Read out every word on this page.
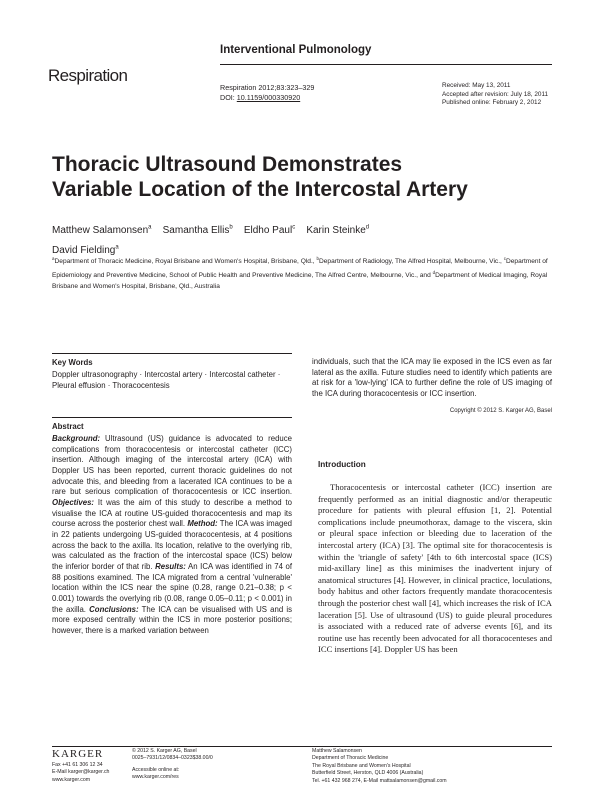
Interventional Pulmonology
Respiration
Respiration 2012;83:323–329
DOI: 10.1159/000330920
Received: May 13, 2011
Accepted after revision: July 18, 2011
Published online: February 2, 2012
Thoracic Ultrasound Demonstrates
Variable Location of the Intercostal Artery
Matthew Salamonsen$^a$ Samantha Ellis$^b$ Eldho Paul$^c$ Karin Steinke$^d$
David Fielding$^a$
$^a$Department of Thoracic Medicine, Royal Brisbane and Women's Hospital, Brisbane, Qld., $^b$Department of Radiology, The Alfred Hospital, Melbourne, Vic., $^c$Department of Epidemiology and Preventive Medicine, School of Public Health and Preventive Medicine, The Alfred Centre, Melbourne, Vic., and $^d$Department of Medical Imaging, Royal Brisbane and Women's Hospital, Brisbane, Qld., Australia
Key Words
Doppler ultrasonography · Intercostal artery · Intercostal catheter · Pleural effusion · Thoracocentesis
Abstract
Background: Ultrasound (US) guidance is advocated to reduce complications from thoracocentesis or intercostal catheter (ICC) insertion. Although imaging of the intercostal artery (ICA) with Doppler US has been reported, current thoracic guidelines do not advocate this, and bleeding from a lacerated ICA continues to be a rare but serious complication of thoracocentesis or ICC insertion. Objectives: It was the aim of this study to describe a method to visualise the ICA at routine US-guided thoracocentesis and map its course across the posterior chest wall. Method: The ICA was imaged in 22 patients undergoing US-guided thoracocentesis, at 4 positions across the back to the axilla. Its location, relative to the overlying rib, was calculated as the fraction of the intercostal space (ICS) below the inferior border of that rib. Results: An ICA was identified in 74 of 88 positions examined. The ICA migrated from a central 'vulnerable' location within the ICS near the spine (0.28, range 0.21–0.38; p < 0.001) towards the overlying rib (0.08, range 0.05–0.11; p < 0.001) in the axilla. Conclusions: The ICA can be visualised with US and is more exposed centrally within the ICS in more posterior positions; however, there is a marked variation between
individuals, such that the ICA may lie exposed in the ICS even as far lateral as the axilla. Future studies need to identify which patients are at risk for a 'low-lying' ICA to further define the role of US imaging of the ICA during thoracocentesis or ICC insertion.
Copyright © 2012 S. Karger AG, Basel
Introduction
Thoracocentesis or intercostal catheter (ICC) insertion are frequently performed as an initial diagnostic and/or therapeutic procedure for patients with pleural effusion [1, 2]. Potential complications include pneumothorax, damage to the viscera, skin or pleural space infection or bleeding due to laceration of the intercostal artery (ICA) [3]. The optimal site for thoracocentesis is within the 'triangle of safety' [4th to 6th intercostal space (ICS) mid-axillary line] as this minimises the inadvertent injury of anatomical structures [4]. However, in clinical practice, loculations, body habitus and other factors frequently mandate thoracocentesis through the posterior chest wall [4], which increases the risk of ICA laceration [5]. Use of ultrasound (US) to guide pleural procedures is associated with a reduced rate of adverse events [6], and its routine use has recently been advocated for all thoracocenteses and ICC insertions [4]. Doppler US has been
KARGER
Fax +41 61 306 12 34
E-Mail karger@karger.ch
www.karger.com
© 2012 S. Karger AG, Basel
0025–7931/12/0834–0323$38.00/0
Accessible online at:
www.karger.com/res
Matthew Salamonsen
Department of Thoracic Medicine
The Royal Brisbane and Women's Hospital
Butterfield Street, Herston, QLD 4006 (Australia)
Tel. +61 432 968 274, E-Mail mattsalamonsen@gmail.com
